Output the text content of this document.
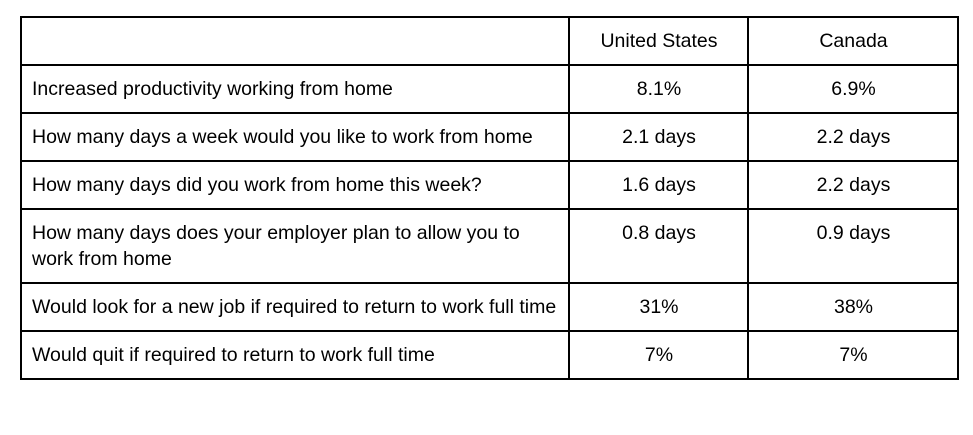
	United States	Canada
Increased productivity working from home	8.1%	6.9%
How many days a week would you like to work from home	2.1 days	2.2 days
How many days did you work from home this week?	1.6 days	2.2 days
How many days does your employer plan to allow you to work from home	0.8 days	0.9 days
Would look for a new job if required to return to work full time	31%	38%
Would quit if required to return to work full time	7%	7%
